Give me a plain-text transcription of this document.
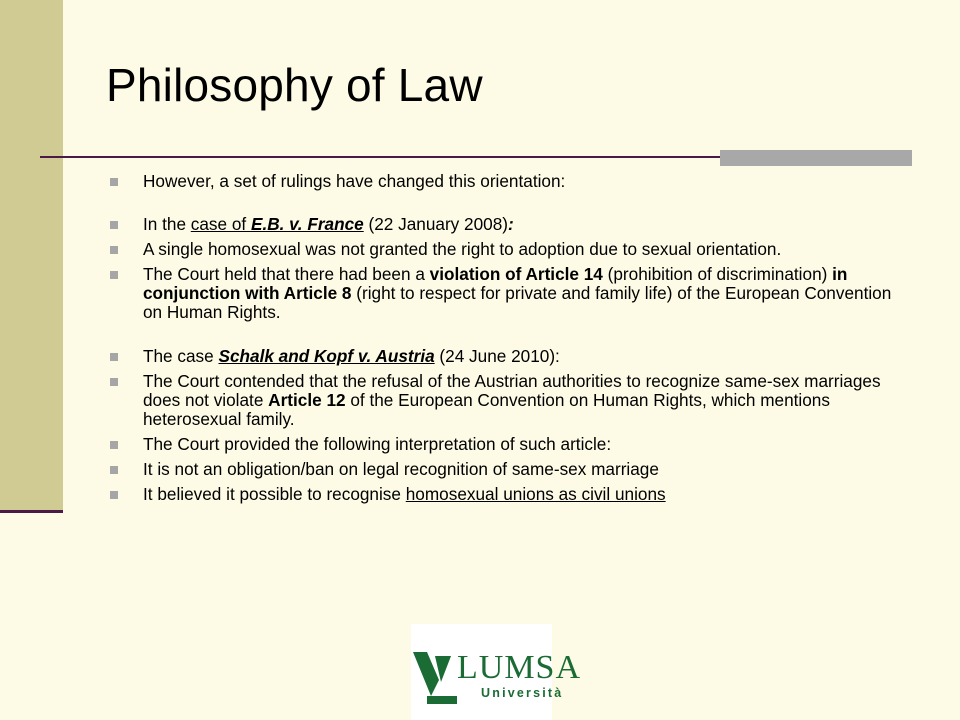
Philosophy of Law
However, a set of rulings have changed this orientation:
In the case of E.B. v. France (22 January 2008):
A single homosexual was not granted the right to adoption due to sexual orientation.
The Court held that there had been a violation of Article 14 (prohibition of discrimination) in conjunction with Article 8 (right to respect for private and family life) of the European Convention on Human Rights.
The case Schalk and Kopf v. Austria (24 June 2010):
The Court contended that the refusal of the Austrian authorities to recognize same-sex marriages does not violate Article 12 of the European Convention on Human Rights, which mentions heterosexual family.
The Court provided the following interpretation of such article:
It is not an obligation/ban on legal recognition of same-sex marriage
It believed it possible to recognise homosexual unions as civil unions
LUMSA
Università
